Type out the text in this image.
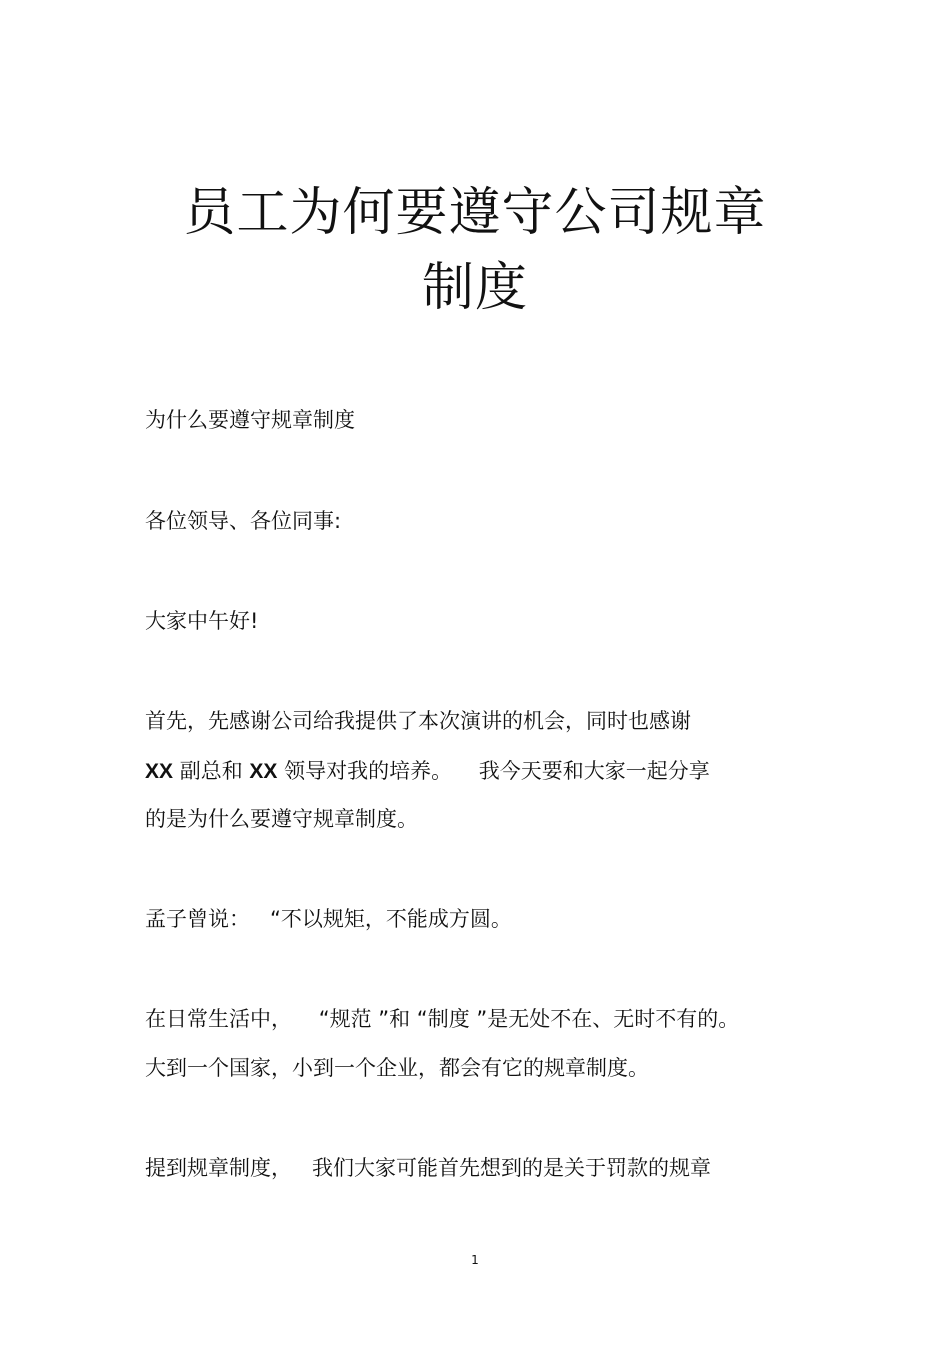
员工为何要遵守公司规章
制度

为什么要遵守规章制度

各位领导、各位同事:

大家中午好!

首先，先感谢公司给我提供了本次演讲的机会，同时也感谢

XX 副总和 XX 领导对我的培养。    我今天要和大家一起分享

的是为什么要遵守规章制度。

孟子曾说：   “不以规矩，不能成方圆。

在日常生活中，    “规范 ”和 “制度 ”是无处不在、无时不有的。

大到一个国家，小到一个企业，都会有它的规章制度。

提到规章制度，   我们大家可能首先想到的是关于罚款的规章

1
